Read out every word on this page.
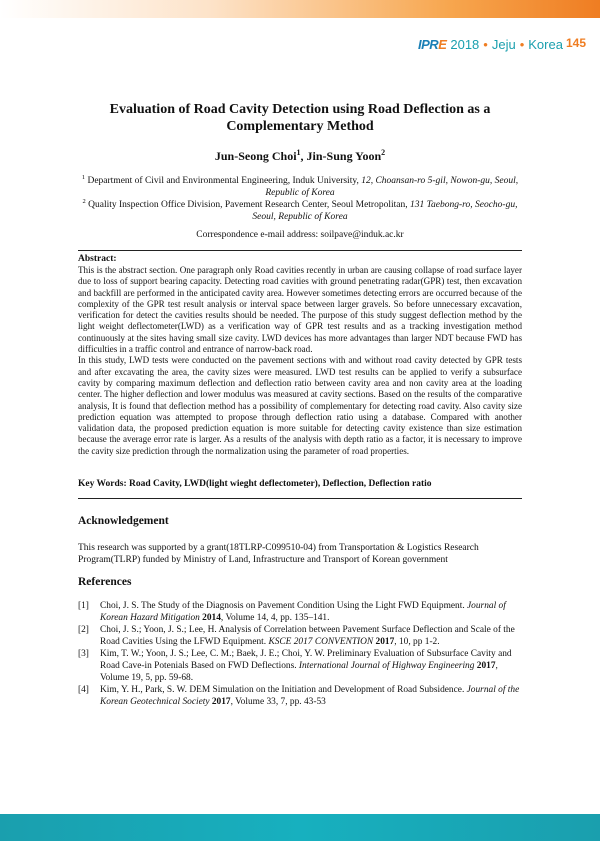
IPRE 2018 • Jeju • Korea 145
Evaluation of Road Cavity Detection using Road Deflection as a
Complementary Method
Jun-Seong Choi$^1$, Jin-Sung Yoon$^2$
$^1$ Department of Civil and Environmental Engineering, Induk University, 12, Choansan-ro 5-gil, Nowon-gu, Seoul, Republic of Korea
$^2$ Quality Inspection Office Division, Pavement Research Center, Seoul Metropolitan, 131 Taebong-ro, Seocho-gu, Seoul, Republic of Korea
Correspondence e-mail address: soilpave@induk.ac.kr
Abstract:

This is the abstract section. One paragraph only Road cavities recently in urban are causing collapse of road surface layer due to loss of support bearing capacity. Detecting road cavities with ground penetrating radar(GPR) test, then excavation and backfill are performed in the anticipated cavity area. However sometimes detecting errors are occurred because of the complexity of the GPR test result analysis or interval space between larger gravels. So before unnecessary excavation, verification for detect the cavities results should be needed. The purpose of this study suggest deflection method by the light weight deflectometer(LWD) as a verification way of GPR test results and as a tracking investigation method continuously at the sites having small size cavity. LWD devices has more advantages than larger NDT because FWD has difficulties in a traffic control and entrance of narrow-back road.

In this study, LWD tests were conducted on the pavement sections with and without road cavity detected by GPR tests and after excavating the area, the cavity sizes were measured. LWD test results can be applied to verify a subsurface cavity by comparing maximum deflection and deflection ratio between cavity area and non cavity area at the loading center. The higher deflection and lower modulus was measured at cavity sections. Based on the results of the comparative analysis, It is found that deflection method has a possibility of complementary for detecting road cavity. Also cavity size prediction equation was attempted to propose through deflection ratio using a database. Compared with another validation data, the proposed prediction equation is more suitable for detecting cavity existence than size estimation because the average error rate is larger. As a results of the analysis with depth ratio as a factor, it is necessary to improve the cavity size prediction through the normalization using the parameter of road properties.

Key Words: Road Cavity, LWD(light wieght deflectometer), Deflection, Deflection ratio
Acknowledgement
This research was supported by a grant(18TLRP-C099510-04) from Transportation & Logistics Research Program(TLRP) funded by Ministry of Land, Infrastructure and Transport of Korean government
References
[1]	Choi, J. S. The Study of the Diagnosis on Pavement Condition Using the Light FWD Equipment. Journal of Korean Hazard Mitigation 2014, Volume 14, 4, pp. 135–141.
[2]	Choi, J. S.; Yoon, J. S.; Lee, H. Analysis of Correlation between Pavement Surface Deflection and Scale of the Road Cavities Using the LFWD Equipment. KSCE 2017 CONVENTION 2017, 10, pp 1-2.
[3]	Kim, T. W.; Yoon, J. S.; Lee, C. M.; Baek, J. E.; Choi, Y. W. Preliminary Evaluation of Subsurface Cavity and Road Cave-in Potenials Based on FWD Deflections. International Journal of Highway Engineering 2017, Volume 19, 5, pp. 59-68.
[4]	Kim, Y. H., Park, S. W. DEM Simulation on the Initiation and Development of Road Subsidence. Journal of the Korean Geotechnical Society 2017, Volume 33, 7, pp. 43-53
